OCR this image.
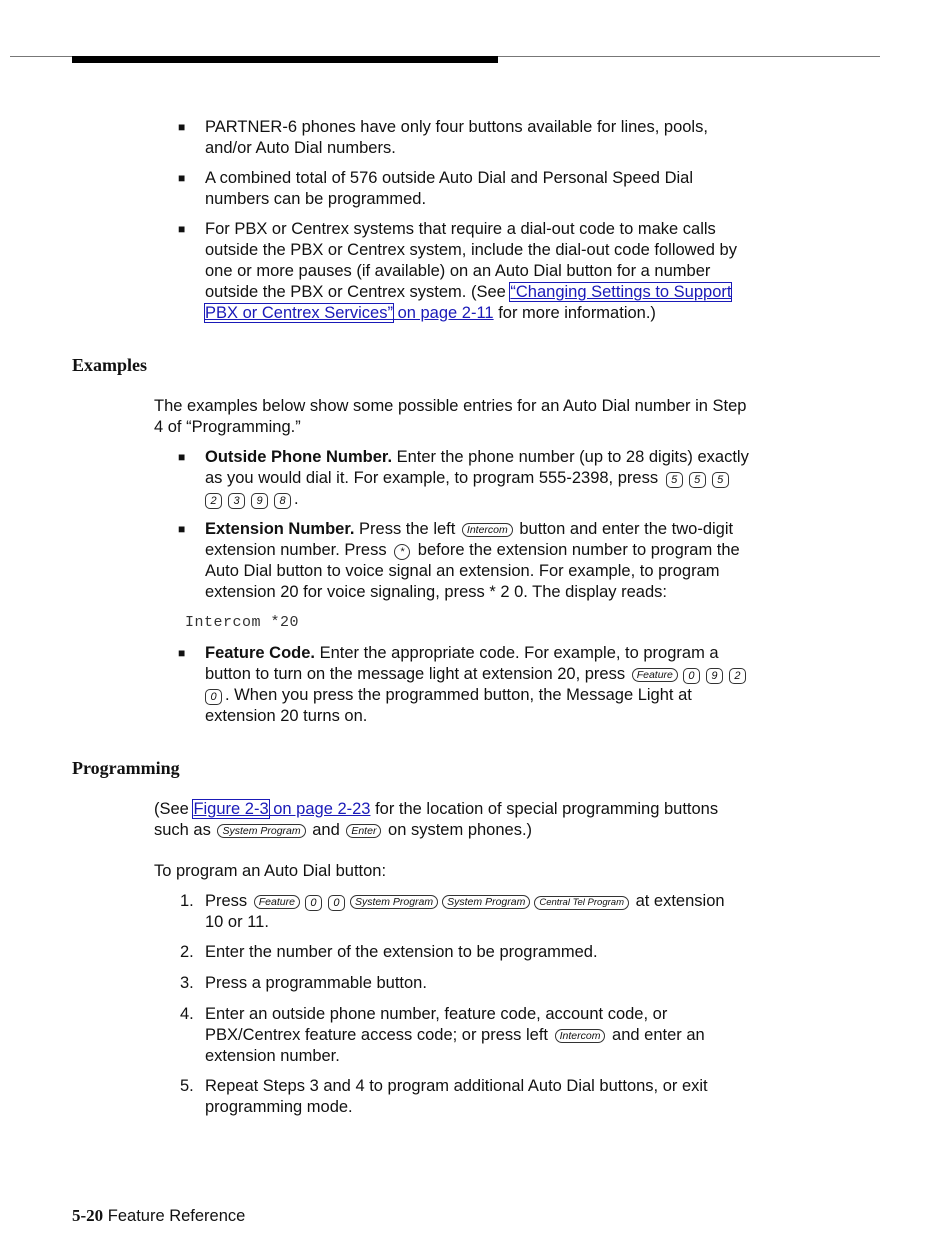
■ PARTNER-6 phones have only four buttons available for lines, pools,
and/or Auto Dial numbers.
■ A combined total of 576 outside Auto Dial and Personal Speed Dial
numbers can be programmed.
■ For PBX or Centrex systems that require a dial-out code to make calls
outside the PBX or Centrex system, include the dial-out code followed by
one or more pauses (if available) on an Auto Dial button for a number
outside the PBX or Centrex system. (See “Changing Settings to Support
PBX or Centrex Services” on page 2-11 for more information.)
Examples
The examples below show some possible entries for an Auto Dial number in Step
4 of “Programming.”
■ Outside Phone Number. Enter the phone number (up to 28 digits) exactly
as you would dial it. For example, to program 555-2398, press 5 5 5
2 3 9 8 .
■ Extension Number. Press the left Intercom button and enter the two-digit
extension number. Press * before the extension number to program the
Auto Dial button to voice signal an extension. For example, to program
extension 20 for voice signaling, press * 2 0. The display reads:
Intercom *20
■ Feature Code. Enter the appropriate code. For example, to program a
button to turn on the message light at extension 20, press Feature 0 9 2
0 . When you press the programmed button, the Message Light at
extension 20 turns on.
Programming
(See Figure 2-3 on page 2-23 for the location of special programming buttons
such as System Program and Enter on system phones.)
To program an Auto Dial button:
1. Press Feature 0 0 System Program System Program Central Tel Program at extension
10 or 11.
2. Enter the number of the extension to be programmed.
3. Press a programmable button.
4. Enter an outside phone number, feature code, account code, or
PBX/Centrex feature access code; or press left Intercom and enter an
extension number.
5. Repeat Steps 3 and 4 to program additional Auto Dial buttons, or exit
programming mode.
5-20 Feature Reference
